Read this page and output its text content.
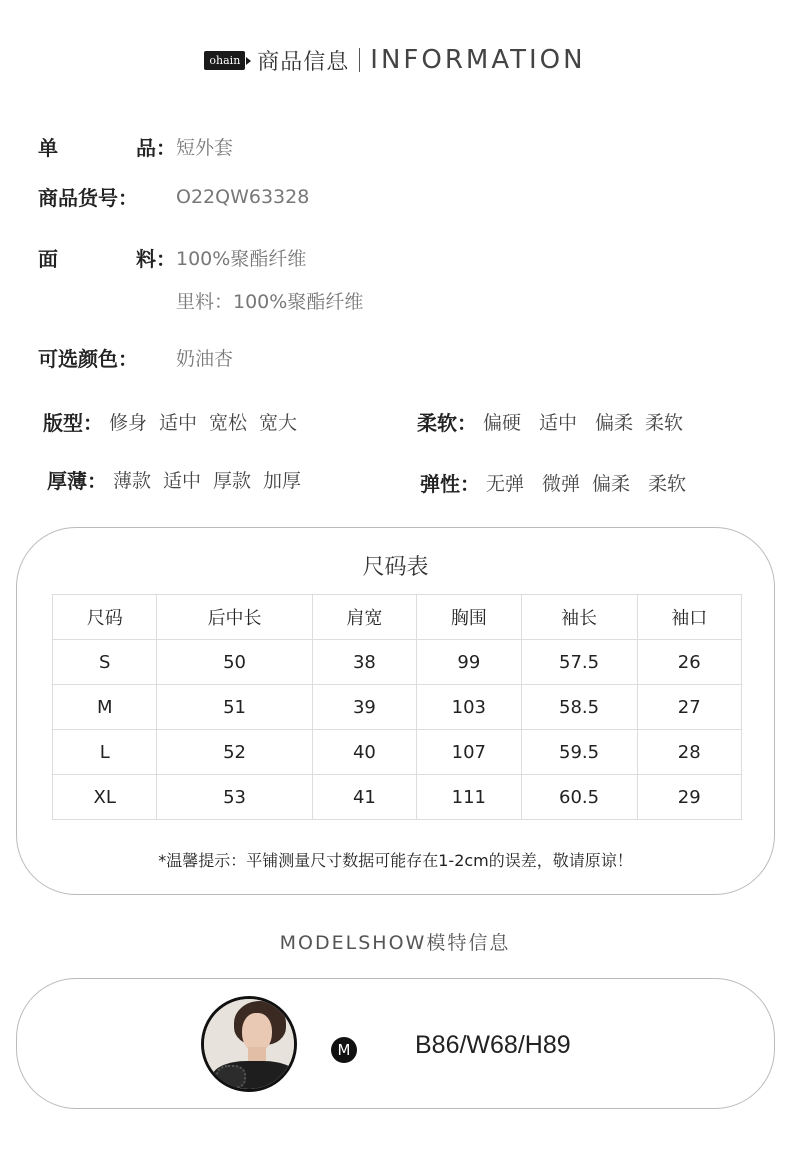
ohain 商品信息 INFORMATION
单	品： 短外套
商品货号：	O22QW63328
面	料： 100%聚酯纤维
里料：100%聚酯纤维
可选颜色：	奶油杏
版型： 修身 适中 宽松 宽大	柔软： 偏硬 适中 偏柔 柔软
厚薄： 薄款 适中 厚款 加厚	弹性： 无弹 微弹 偏柔 柔软
尺码表
尺码	后中长	肩宽	胸围	袖长	袖口
S	50	38	99	57.5	26
M	51	39	103	58.5	27
L	52	40	107	59.5	28
XL	53	41	111	60.5	29
*温馨提示：平铺测量尺寸数据可能存在1-2cm的误差，敬请原谅！
MODELSHOW模特信息
M	B86/W68/H89
